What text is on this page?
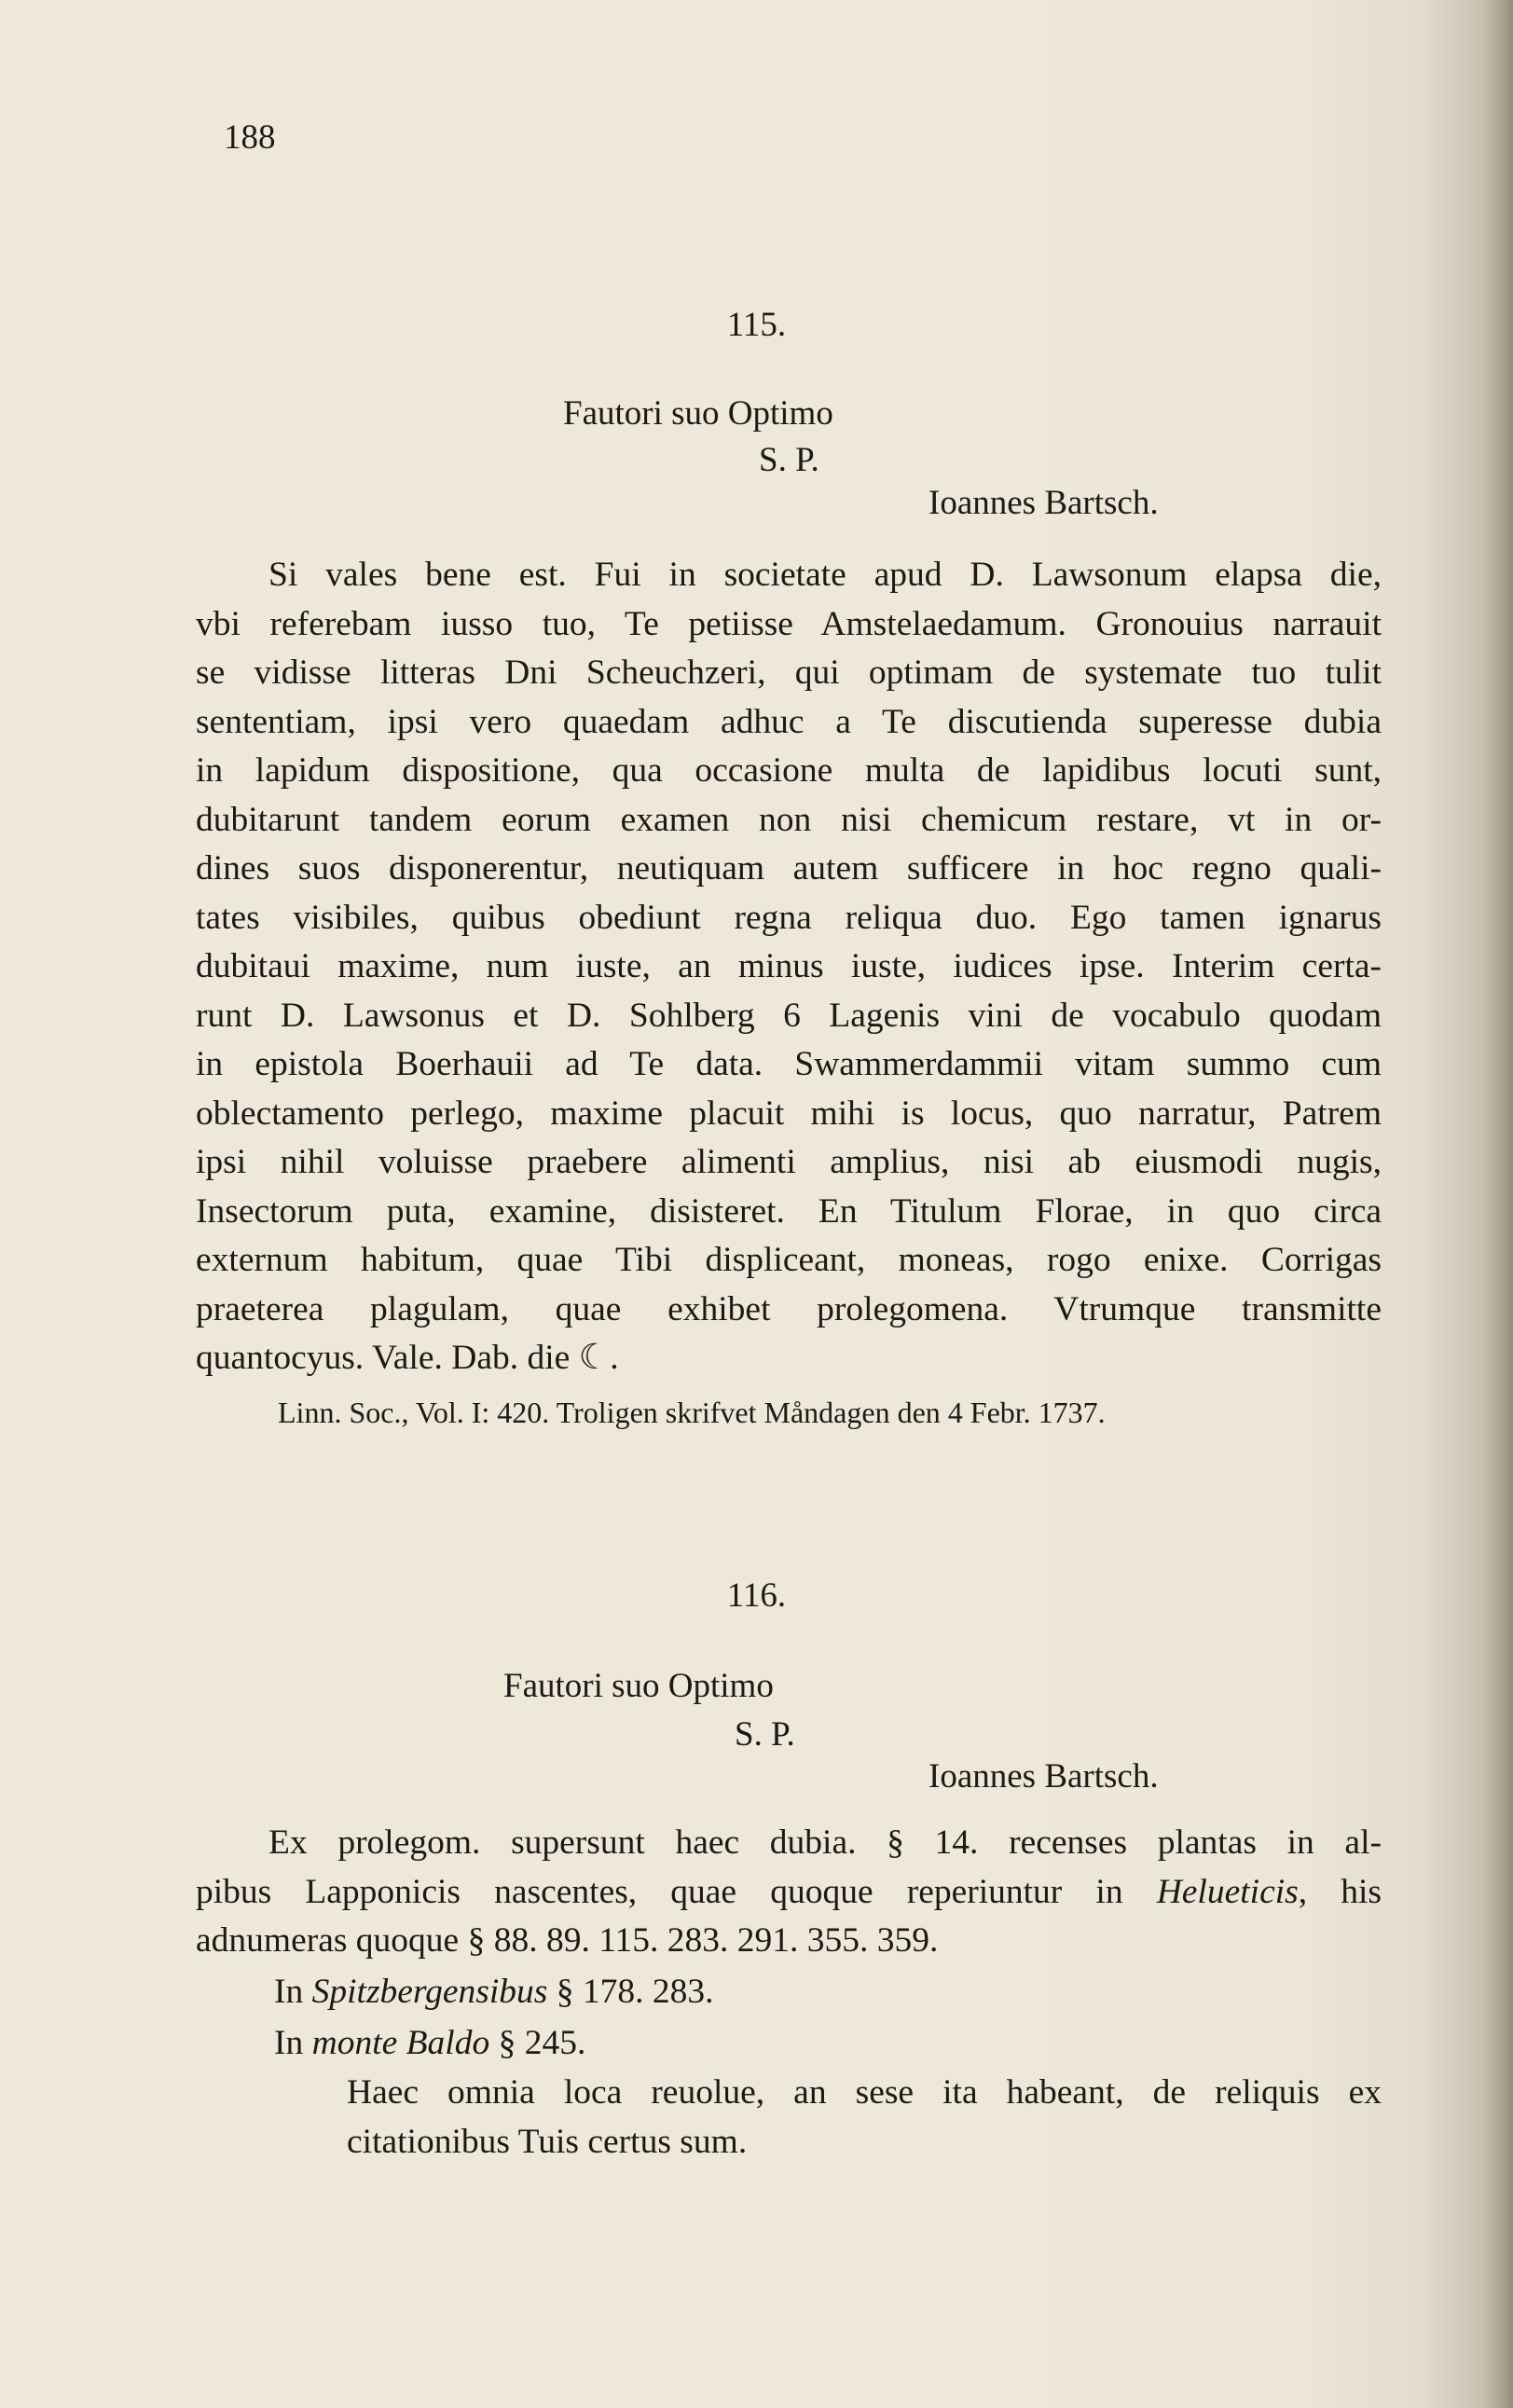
188
115.
Fautori suo Optimo
S. P.
Ioannes Bartsch.
Si vales bene est. Fui in societate apud D. Lawsonum elapsa die,
vbi referebam iusso tuo, Te petiisse Amstelaedamum. Gronouius narrauit
se vidisse litteras Dni Scheuchzeri, qui optimam de systemate tuo tulit
sententiam, ipsi vero quaedam adhuc a Te discutienda superesse dubia
in lapidum dispositione, qua occasione multa de lapidibus locuti sunt,
dubitarunt tandem eorum examen non nisi chemicum restare, vt in or-
dines suos disponerentur, neutiquam autem sufficere in hoc regno quali-
tates visibiles, quibus obediunt regna reliqua duo. Ego tamen ignarus
dubitaui maxime, num iuste, an minus iuste, iudices ipse. Interim certa-
runt D. Lawsonus et D. Sohlberg 6 Lagenis vini de vocabulo quodam
in epistola Boerhauii ad Te data. Swammerdammii vitam summo cum
oblectamento perlego, maxime placuit mihi is locus, quo narratur, Patrem
ipsi nihil voluisse praebere alimenti amplius, nisi ab eiusmodi nugis,
Insectorum puta, examine, disisteret. En Titulum Florae, in quo circa
externum habitum, quae Tibi displiceant, moneas, rogo enixe. Corrigas
praeterea plagulam, quae exhibet prolegomena. Vtrumque transmitte
quantocyus. Vale. Dab. die ☾.
Linn. Soc., Vol. I: 420. Troligen skrifvet Måndagen den 4 Febr. 1737.
116.
Fautori suo Optimo
S. P.
Ioannes Bartsch.
Ex prolegom. supersunt haec dubia. § 14. recenses plantas in al-
pibus Lapponicis nascentes, quae quoque reperiuntur in Helueticis, his
adnumeras quoque § 88. 89. 115. 283. 291. 355. 359.
In Spitzbergensibus § 178. 283.
In monte Baldo § 245.
Haec omnia loca reuolue, an sese ita habeant, de reliquis ex
citationibus Tuis certus sum.
